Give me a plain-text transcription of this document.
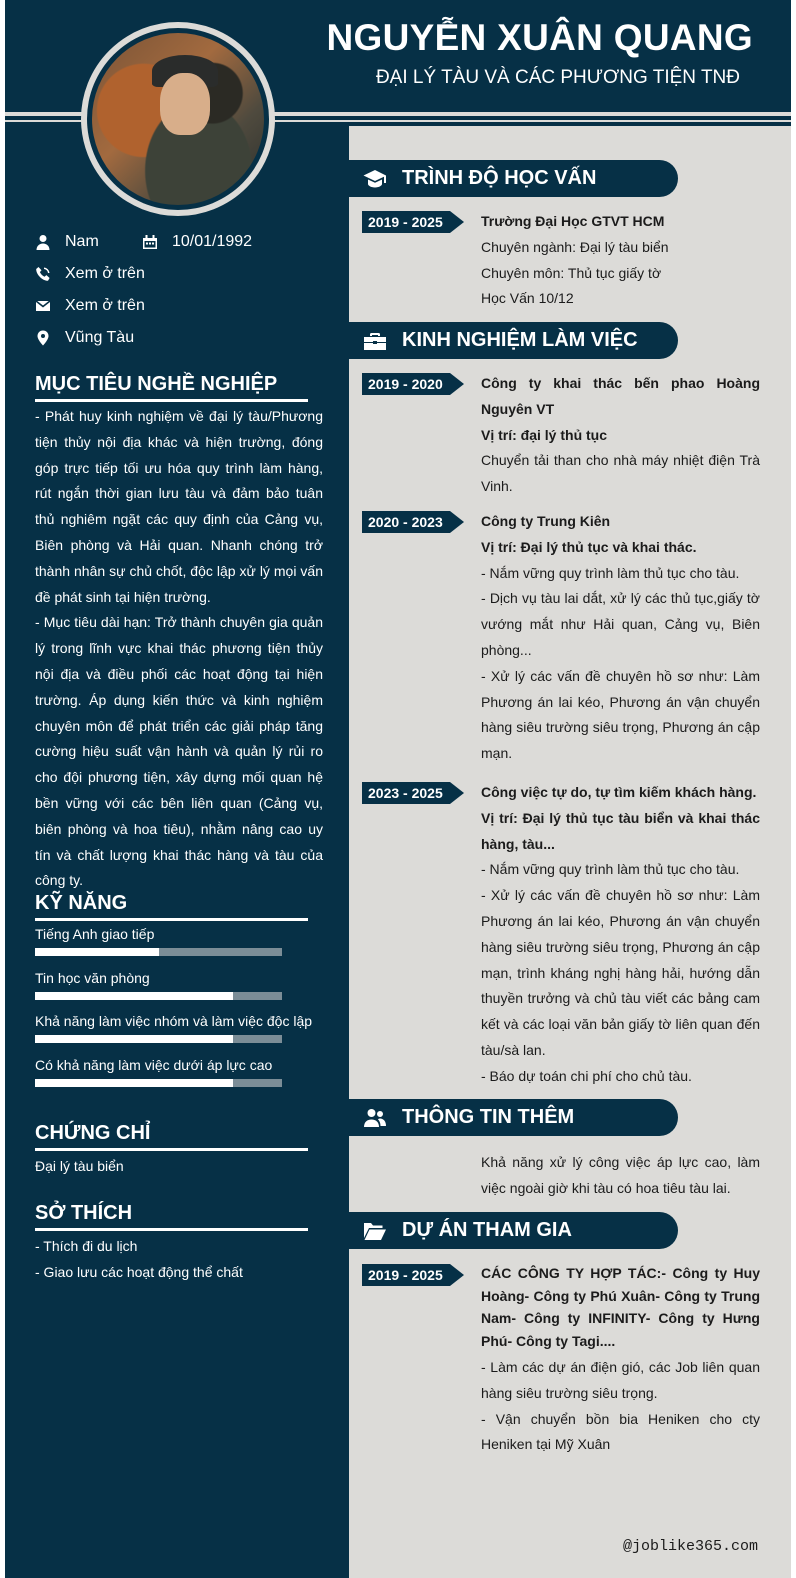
NGUYỄN XUÂN QUANG
ĐẠI LÝ TÀU VÀ CÁC PHƯƠNG TIỆN TNĐ
Nam	10/01/1992
Xem ở trên
Xem ở trên
Vũng Tàu
MỤC TIÊU NGHỀ NGHIỆP
- Phát huy kinh nghiệm về đại lý tàu/Phương tiện thủy nội địa khác và hiện trường, đóng góp trực tiếp tối ưu hóa quy trình làm hàng, rút ngắn thời gian lưu tàu và đảm bảo tuân thủ nghiêm ngặt các quy định của Cảng vụ, Biên phòng và Hải quan. Nhanh chóng trở thành nhân sự chủ chốt, độc lập xử lý mọi vấn đề phát sinh tại hiện trường.
- Mục tiêu dài hạn: Trở thành chuyên gia quản lý trong lĩnh vực khai thác phương tiện thủy nội địa và điều phối các hoạt động tại hiện trường. Áp dụng kiến thức và kinh nghiệm chuyên môn để phát triển các giải pháp tăng cường hiệu suất vận hành và quản lý rủi ro cho đội phương tiện, xây dựng mối quan hệ bền vững với các bên liên quan (Cảng vụ, biên phòng và hoa tiêu), nhằm nâng cao uy tín và chất lượng khai thác hàng và tàu của công ty.
KỸ NĂNG
Tiếng Anh giao tiếp
Tin học văn phòng
Khả năng làm việc nhóm và làm việc độc lập
Có khả năng làm việc dưới áp lực cao
CHỨNG CHỈ
Đại lý tàu biển
SỞ THÍCH
- Thích đi du lịch
- Giao lưu các hoạt động thể chất
TRÌNH ĐỘ HỌC VẤN
2019 - 2025	Trường Đại Học GTVT HCM

Chuyên ngành: Đại lý tàu biển

Chuyên môn: Thủ tục giấy tờ

Học Vấn 10/12

KINH NGHIỆM LÀM VIỆC
2019 - 2020	Công ty khai thác bến phao Hoàng Nguyên VT

Vị trí: đại lý thủ tục

Chuyển tải than cho nhà máy nhiệt điện Trà Vinh.

2020 - 2023	Công ty Trung Kiên

Vị trí: Đại lý thủ tục và khai thác.

- Nắm vững quy trình làm thủ tục cho tàu.

- Dịch vụ tàu lai dắt, xử lý các thủ tục,giấy tờ vướng mắt như Hải quan, Cảng vụ, Biên phòng...

- Xử lý các vấn đề chuyên hồ sơ như: Làm Phương án lai kéo, Phương án vận chuyển hàng siêu trường siêu trọng, Phương án cập mạn.

2023 - 2025	Công việc tự do, tự tìm kiếm khách hàng.

Vị trí: Đại lý thủ tục tàu biển và khai thác hàng, tàu...

- Nắm vững quy trình làm thủ tục cho tàu.

- Xử lý các vấn đề chuyên hồ sơ như: Làm Phương án lai kéo, Phương án vận chuyển hàng siêu trường siêu trọng, Phương án cập mạn, trình kháng nghị hàng hải, hướng dẫn thuyền trưởng và chủ tàu viết các bảng cam kết và các loại văn bản giấy tờ liên quan đến tàu/sà lan.

- Báo dự toán chi phí cho chủ tàu.

THÔNG TIN THÊM
Khả năng xử lý công việc áp lực cao, làm việc ngoài giờ khi tàu có hoa tiêu tàu lai.
DỰ ÁN THAM GIA
2019 - 2025	CÁC CÔNG TY HỢP TÁC:- Công ty Huy Hoàng- Công ty Phú Xuân- Công ty Trung Nam- Công ty INFINITY- Công ty Hưng Phú- Công ty Tagi....

- Làm các dự án điện gió, các Job liên quan hàng siêu trường siêu trọng.

- Vận chuyển bồn bia Heniken cho cty Heniken tại Mỹ Xuân

@joblike365.com
